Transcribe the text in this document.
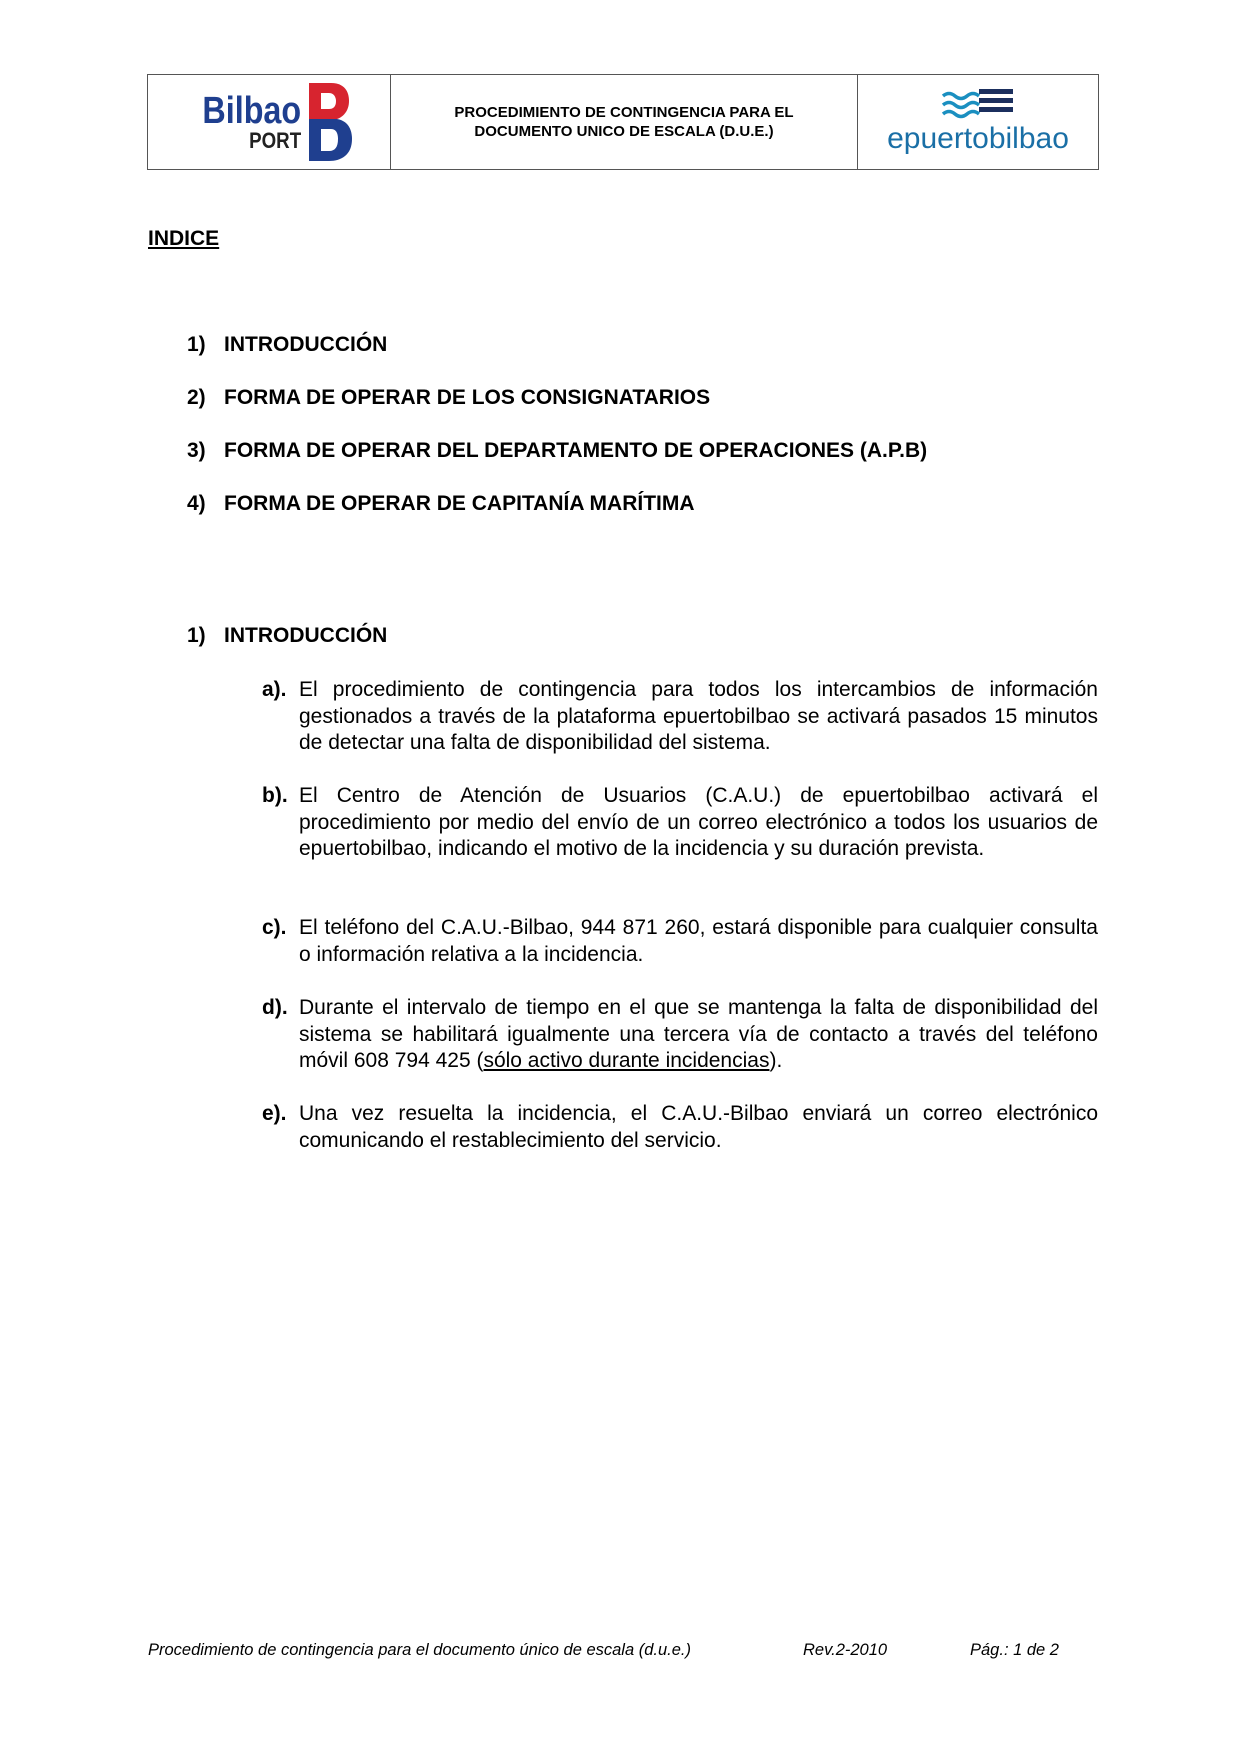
Bilbao
PORT
PROCEDIMIENTO DE CONTINGENCIA PARA EL
DOCUMENTO UNICO DE ESCALA (D.U.E.)	epuertobilbao
INDICE
1) INTRODUCCIÓN
2) FORMA DE OPERAR DE LOS CONSIGNATARIOS
3) FORMA DE OPERAR DEL DEPARTAMENTO DE OPERACIONES (A.P.B)
4) FORMA DE OPERAR DE CAPITANÍA MARÍTIMA
1) INTRODUCCIÓN
a). El procedimiento de contingencia para todos los intercambios de información gestionados a través de la plataforma epuertobilbao se activará pasados 15 minutos de detectar una falta de disponibilidad del sistema.
b). El Centro de Atención de Usuarios (C.A.U.) de epuertobilbao activará el procedimiento por medio del envío de un correo electrónico a todos los usuarios de epuertobilbao, indicando el motivo de la incidencia y su duración prevista.
c). El teléfono del C.A.U.-Bilbao, 944 871 260, estará disponible para cualquier consulta o información relativa a la incidencia.
d). Durante el intervalo de tiempo en el que se mantenga la falta de disponibilidad del sistema se habilitará igualmente una tercera vía de contacto a través del teléfono móvil 608 794 425 (sólo activo durante incidencias).
e). Una vez resuelta la incidencia, el C.A.U.-Bilbao enviará un correo electrónico comunicando el restablecimiento del servicio.
Procedimiento de contingencia para el documento único de escala (d.u.e.)	Rev.2-2010	Pág.: 1 de 2
